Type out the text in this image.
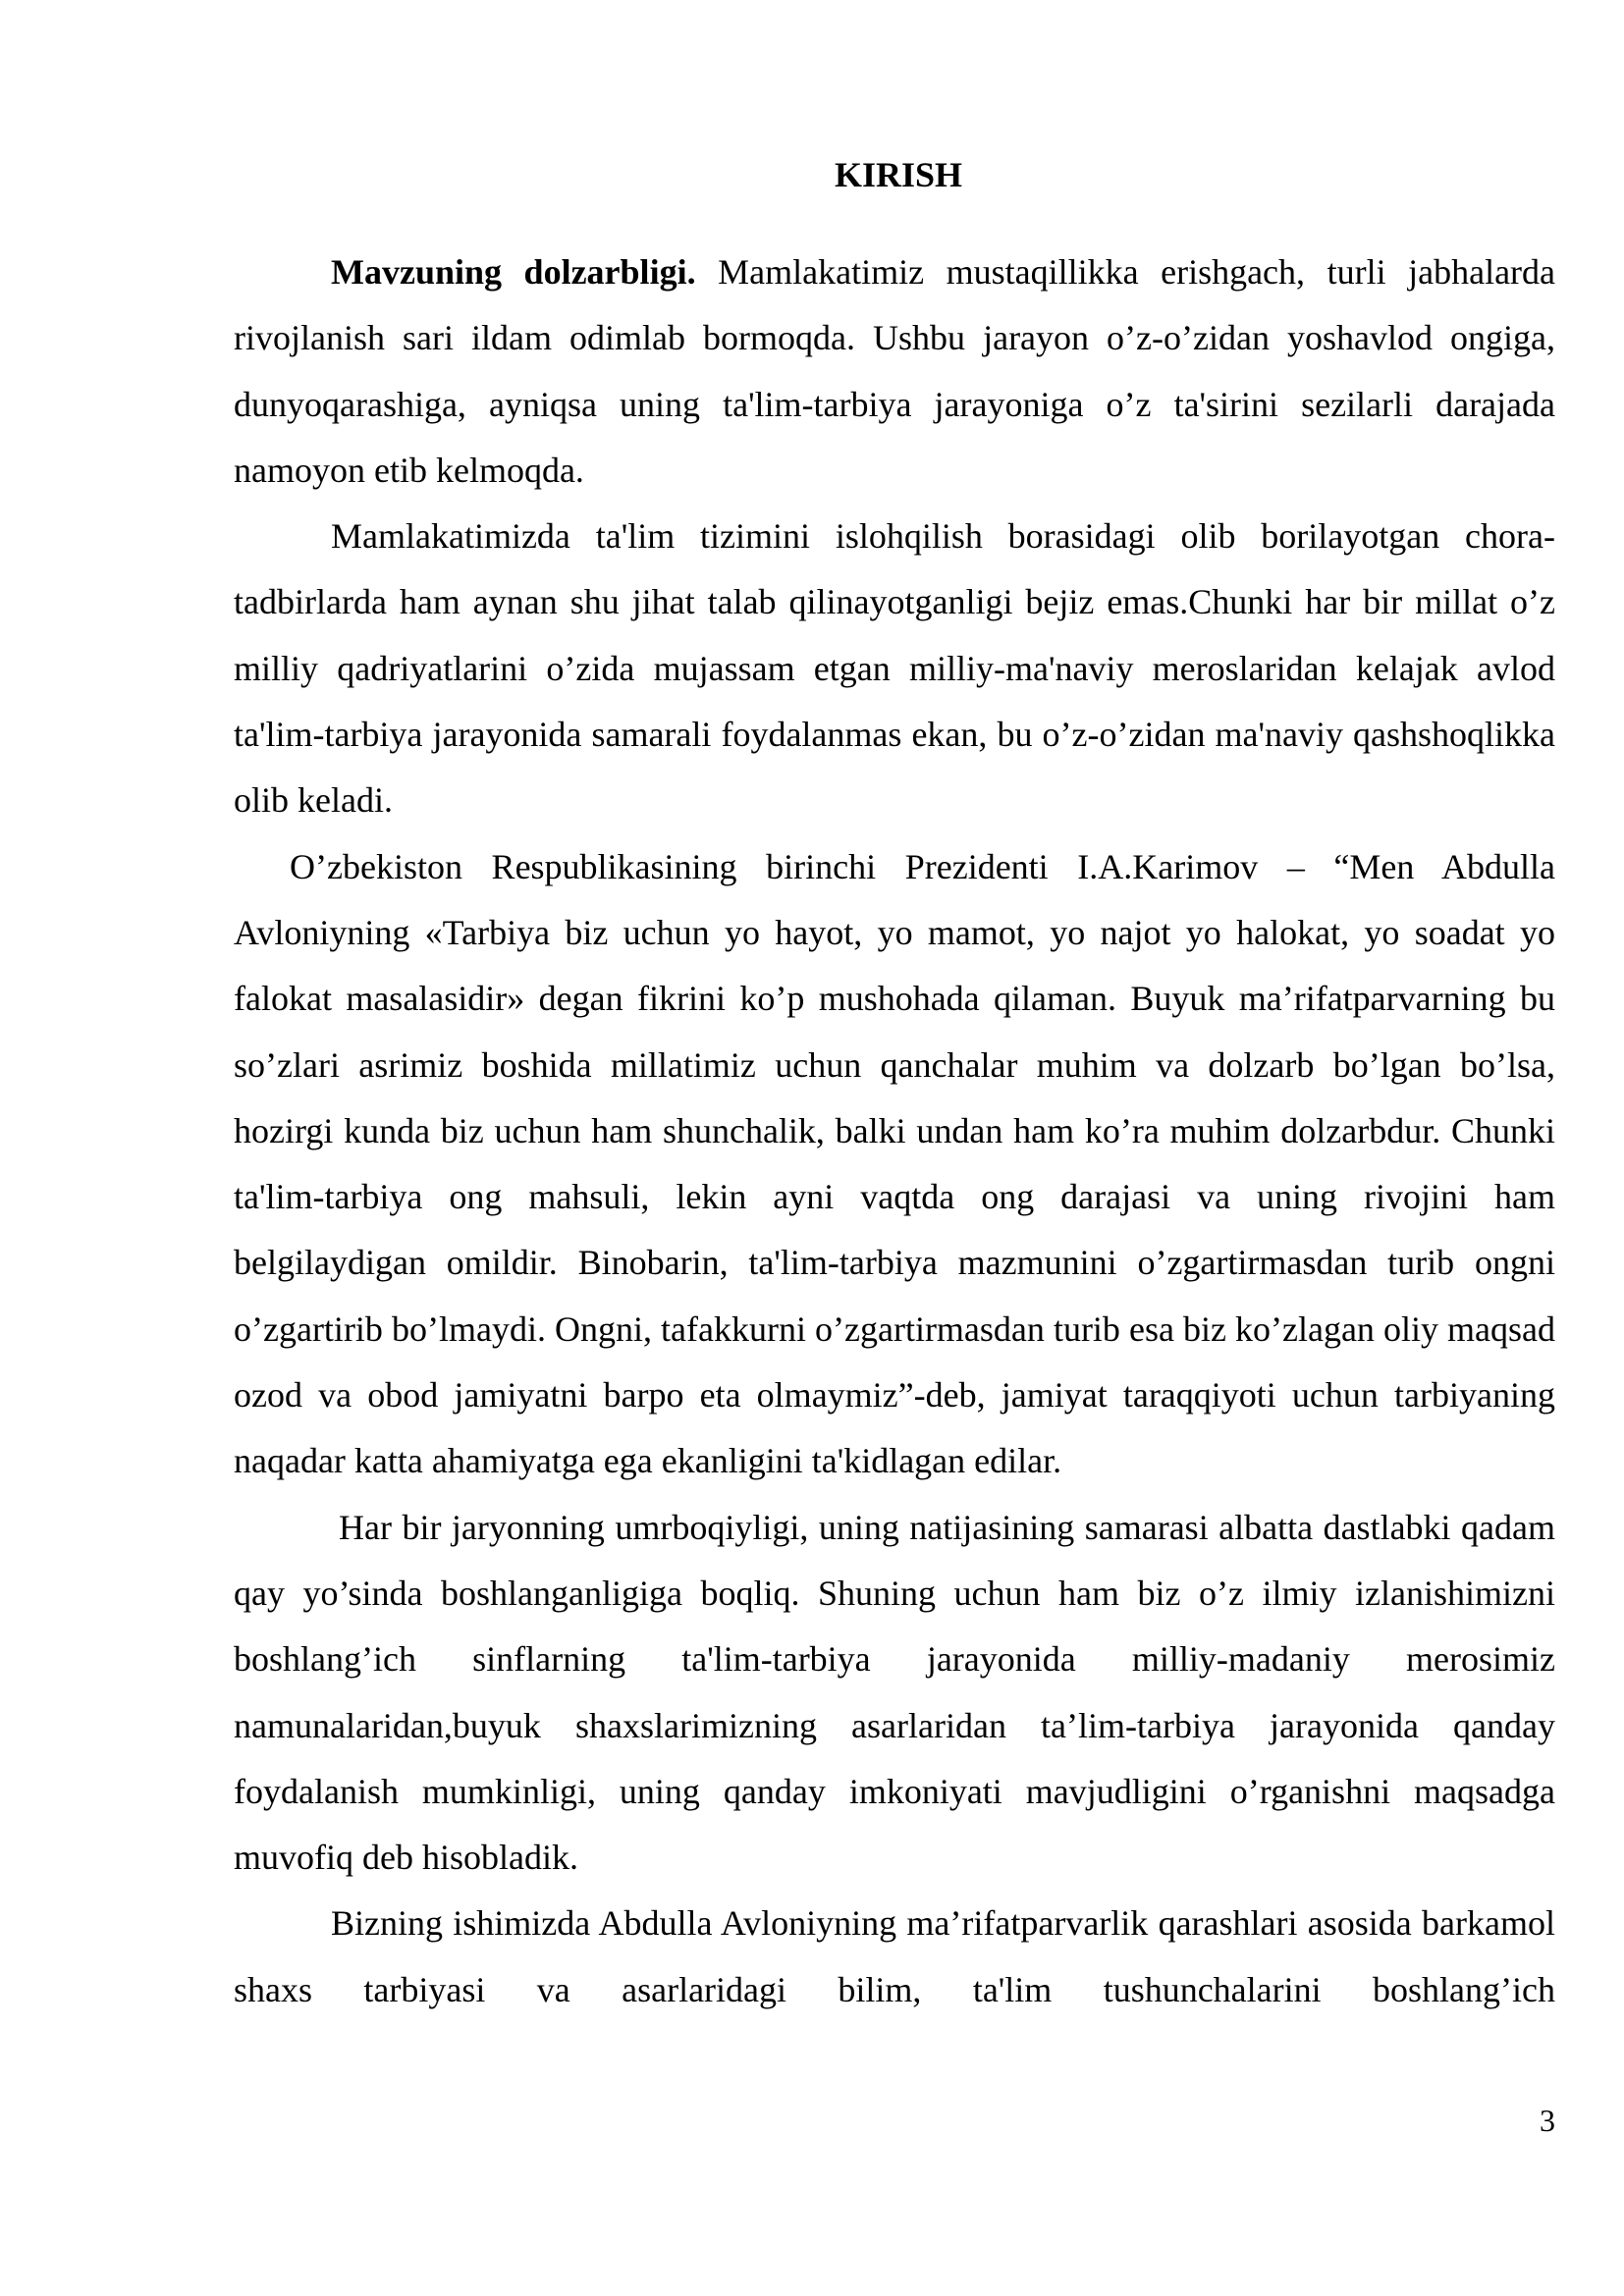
KIRISH

Mavzuning dolzarbligi. Mamlakatimiz mustaqillikka erishgach, turli jabhalarda rivojlanish sari ildam odimlab bormoqda. Ushbu jarayon o’z-o’zidan yoshavlod ongiga, dunyoqarashiga, ayniqsa uning ta'lim-tarbiya jarayoniga o’z ta'sirini sezilarli darajada namoyon etib kelmoqda.

Mamlakatimizda ta'lim tizimini islohqilish borasidagi olib borilayotgan chora-tadbirlarda ham aynan shu jihat talab qilinayotganligi bejiz emas.Chunki har bir millat o’z milliy qadriyatlarini o’zida mujassam etgan milliy-ma'naviy meroslaridan kelajak avlod ta'lim-tarbiya jarayonida samarali foydalanmas ekan, bu o’z-o’zidan ma'naviy qashshoqlikka olib keladi.

O’zbekiston Respublikasining birinchi Prezidenti I.A.Karimov – “Men Abdulla Avloniyning «Tarbiya biz uchun yo hayot, yo mamot, yo najot yo halokat, yo soadat yo falokat masalasidir» degan fikrini ko’p mushohada qilaman. Buyuk ma’rifatparvarning bu so’zlari asrimiz boshida millatimiz uchun qanchalar muhim va dolzarb bo’lgan bo’lsa, hozirgi kunda biz uchun ham shunchalik, balki undan ham ko’ra muhim dolzarbdur. Chunki ta'lim-tarbiya ong mahsuli, lekin ayni vaqtda ong darajasi va uning rivojini ham belgilaydigan omildir. Binobarin, ta'lim-tarbiya mazmunini o’zgartirmasdan turib ongni o’zgartirib bo’lmaydi. Ongni, tafakkurni o’zgartirmasdan turib esa biz ko’zlagan oliy maqsad ozod va obod jamiyatni barpo eta olmaymiz”-deb, jamiyat taraqqiyoti uchun tarbiyaning naqadar katta ahamiyatga ega ekanligini ta'kidlagan edilar.

Har bir jaryonning umrboqiyligi, uning natijasining samarasi albatta dastlabki qadam qay yo’sinda boshlanganligiga boqliq. Shuning uchun ham biz o’z ilmiy izlanishimizni boshlang’ich sinflarning ta'lim-tarbiya jarayonida milliy-madaniy merosimiz namunalaridan,buyuk shaxslarimizning asarlaridan ta’lim-tarbiya jarayonida qanday foydalanish mumkinligi, uning qanday imkoniyati mavjudligini o’rganishni maqsadga muvofiq deb hisobladik.

Bizning ishimizda Abdulla Avloniyning ma’rifatparvarlik qarashlari asosida barkamol shaxs tarbiyasi va asarlaridagi bilim, ta'lim tushunchalarini boshlang’ich

3
